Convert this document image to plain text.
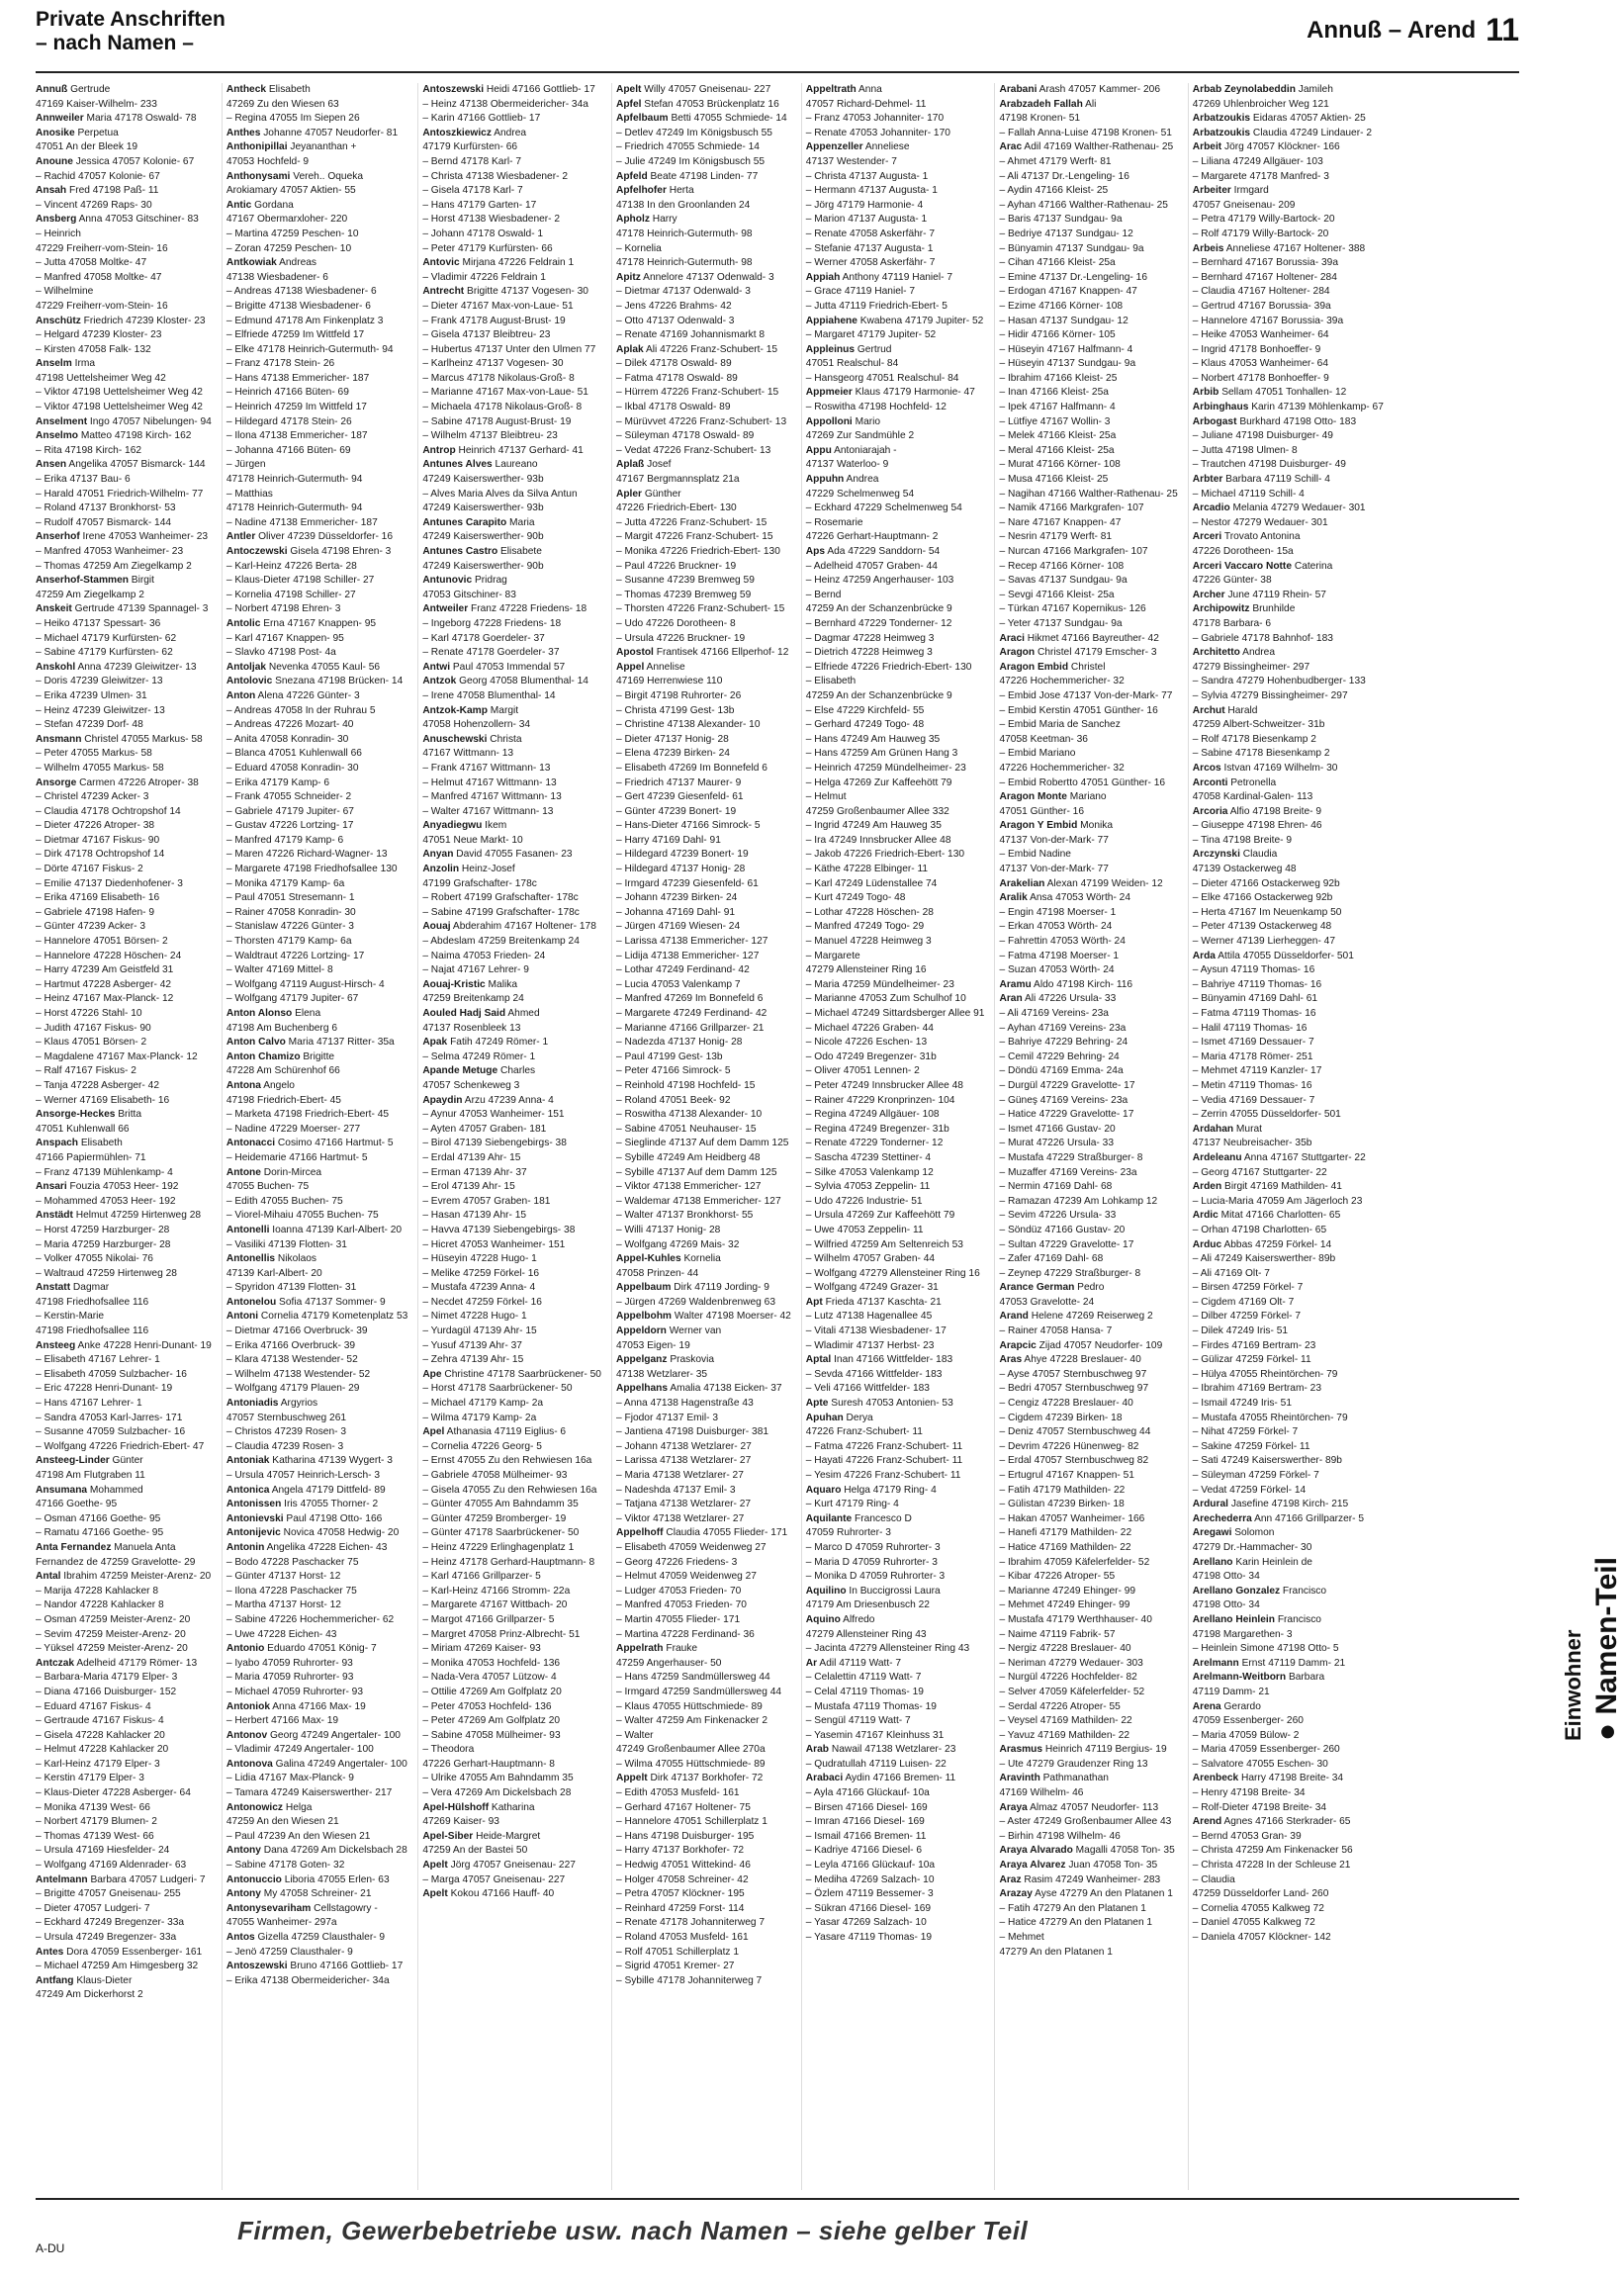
Private Anschriften
– nach Namen –	Annuß – Arend 11
Annuß Gertrude
47169 Kaiser-Wilhelm- 233
Annweiler Maria 47178 Oswald- 78
Anosike Perpetua
47051 An der Bleek 19
Anoune Jessica 47057 Kolonie- 67
– Rachid 47057 Kolonie- 67
Ansah Fred 47198 Paß- 11
– Vincent 47269 Raps- 30
Ansberg Anna 47053 Gitschiner- 83
– Heinrich
47229 Freiherr-vom-Stein- 16
– Jutta 47058 Moltke- 47
– Manfred 47058 Moltke- 47
– Wilhelmine
47229 Freiherr-vom-Stein- 16
Anschütz Friedrich 47239 Kloster- 23
– Helgard 47239 Kloster- 23
– Kirsten 47058 Falk- 132
Anselm Irma
47198 Uettelsheimer Weg 42
– Viktor 47198 Uettelsheimer Weg 42
– Viktor 47198 Uettelsheimer Weg 42
Anselment Ingo 47057 Nibelungen- 94
Anselmo Matteo 47198 Kirch- 162
– Rita 47198 Kirch- 162
Ansen Angelika 47057 Bismarck- 144
– Erika 47137 Bau- 6
– Harald 47051 Friedrich-Wilhelm- 77
– Roland 47137 Bronkhorst- 53
– Rudolf 47057 Bismarck- 144
Anserhof Irene 47053 Wanheimer- 23
– Manfred 47053 Wanheimer- 23
– Thomas 47259 Am Ziegelkamp 2
Anserhof-Stammen Birgit
47259 Am Ziegelkamp 2
Anskeit Gertrude 47139 Spannagel- 3
– Heiko 47137 Spessart- 36
– Michael 47179 Kurfürsten- 62
– Sabine 47179 Kurfürsten- 62
Anskohl Anna 47239 Gleiwitzer- 13
– Doris 47239 Gleiwitzer- 13
– Erika 47239 Ulmen- 31
– Heinz 47239 Gleiwitzer- 13
– Stefan 47239 Dorf- 48
Ansmann Christel 47055 Markus- 58
– Peter 47055 Markus- 58
– Wilhelm 47055 Markus- 58
Ansorge Carmen 47226 Atroper- 38
– Christel 47239 Acker- 3
– Claudia 47178 Ochtropshof 14
– Dieter 47226 Atroper- 38
– Dietmar 47167 Fiskus- 90
– Dirk 47178 Ochtropshof 14
– Dörte 47167 Fiskus- 2
– Emilie 47137 Diedenhofener- 3
– Erika 47169 Elisabeth- 16
– Gabriele 47198 Hafen- 9
– Günter 47239 Acker- 3
– Hannelore 47051 Börsen- 2
– Hannelore 47228 Höschen- 24
– Harry 47239 Am Geistfeld 31
– Hartmut 47228 Asberger- 42
– Heinz 47167 Max-Planck- 12
– Horst 47226 Stahl- 10
– Judith 47167 Fiskus- 90
– Klaus 47051 Börsen- 2
– Magdalene 47167 Max-Planck- 12
– Ralf 47167 Fiskus- 2
– Tanja 47228 Asberger- 42
– Werner 47169 Elisabeth- 16
Ansorge-Heckes Britta
47051 Kuhlenwall 66
Anspach Elisabeth
47166 Papiermühlen- 71
– Franz 47139 Mühlenkamp- 4
Ansari Fouzia 47053 Heer- 192
– Mohammed 47053 Heer- 192
Anstädt Helmut 47259 Hirtenweg 28
– Horst 47259 Harzburger- 28
– Maria 47259 Harzburger- 28
– Volker 47055 Nikolai- 76
– Waltraud 47259 Hirtenweg 28
Anstatt Dagmar
47198 Friedhofsallee 116
– Kerstin-Marie
47198 Friedhofsallee 116
Ansteeg Anke 47228 Henri-Dunant- 19
– Elisabeth 47167 Lehrer- 1
– Elisabeth 47059 Sulzbacher- 16
– Eric 47228 Henri-Dunant- 19
– Hans 47167 Lehrer- 1
– Sandra 47053 Karl-Jarres- 171
– Susanne 47059 Sulzbacher- 16
– Wolfgang 47226 Friedrich-Ebert- 47
Ansteeg-Linder Günter
47198 Am Flutgraben 11
Ansumana Mohammed
47166 Goethe- 95
– Osman 47166 Goethe- 95
– Ramatu 47166 Goethe- 95
Anta Fernandez Manuela Anta
Fernandez de 47259 Gravelotte- 29
Antal Ibrahim 47259 Meister-Arenz- 20
– Marija 47228 Kahlacker 8
– Nandor 47228 Kahlacker 8
– Osman 47259 Meister-Arenz- 20
– Sevim 47259 Meister-Arenz- 20
– Yüksel 47259 Meister-Arenz- 20
Antczak Adelheid 47179 Römer- 13
– Barbara-Maria 47179 Elper- 3
– Diana 47166 Duisburger- 152
– Eduard 47167 Fiskus- 4
– Gertraude 47167 Fiskus- 4
– Gisela 47228 Kahlacker 20
– Helmut 47228 Kahlacker 20
– Karl-Heinz 47179 Elper- 3
– Kerstin 47179 Elper- 3
– Klaus-Dieter 47228 Asberger- 64
– Monika 47139 West- 66
– Norbert 47179 Blumen- 2
– Thomas 47139 West- 66
– Ursula 47169 Hiesfelder- 24
– Wolfgang 47169 Aldenrader- 63
Antelmann Barbara 47057 Ludgeri- 7
– Brigitte 47057 Gneisenau- 255
– Dieter 47057 Ludgeri- 7
– Eckhard 47249 Bregenzer- 33a
– Ursula 47249 Bregenzer- 33a
Antes Dora 47059 Essenberger- 161
– Michael 47259 Am Himgesberg 32
Antfang Klaus-Dieter
47249 Am Dickerhorst 2
Antheck Elisabeth
47269 Zu den Wiesen 63
– Regina 47055 Im Siepen 26
Anthes Johanne 47057 Neudorfer- 81
Anthonipillai Jeyananthan +
47053 Hochfeld- 9
Anthonysami Vereh.. Oqueka
Arokiamary 47057 Aktien- 55
Antic Gordana
47167 Obermarxloher- 220
– Martina 47259 Peschen- 10
– Zoran 47259 Peschen- 10
Antkowiak Andreas
47138 Wiesbadener- 6
– Andreas 47138 Wiesbadener- 6
– Brigitte 47138 Wiesbadener- 6
– Edmund 47178 Am Finkenplatz 3
– Elfriede 47259 Im Wittfeld 17
– Elke 47178 Heinrich-Gutermuth- 94
– Franz 47178 Stein- 26
– Hans 47138 Emmericher- 187
– Heinrich 47166 Büten- 69
– Heinrich 47259 Im Wittfeld 17
– Hildegard 47178 Stein- 26
– Ilona 47138 Emmericher- 187
– Johanna 47166 Büten- 69
– Jürgen
47178 Heinrich-Gutermuth- 94
– Matthias
47178 Heinrich-Gutermuth- 94
– Nadine 47138 Emmericher- 187
Antler Oliver 47239 Düsseldorfer- 16
Antoczewski Gisela 47198 Ehren- 3
– Karl-Heinz 47226 Berta- 28
– Klaus-Dieter 47198 Schiller- 27
– Kornelia 47198 Schiller- 27
– Norbert 47198 Ehren- 3
Antolic Erna 47167 Knappen- 95
– Karl 47167 Knappen- 95
– Slavko 47198 Post- 4a
Antoljak Nevenka 47055 Kaul- 56
Antolovic Snezana 47198 Brücken- 14
Anton Alena 47226 Günter- 3
– Andreas 47058 In der Ruhrau 5
– Andreas 47226 Mozart- 40
– Anita 47058 Konradin- 30
– Blanca 47051 Kuhlenwall 66
– Eduard 47058 Konradin- 30
– Erika 47179 Kamp- 6
– Frank 47055 Schneider- 2
– Gabriele 47179 Jupiter- 67
– Gustav 47226 Lortzing- 17
– Manfred 47179 Kamp- 6
– Maren 47226 Richard-Wagner- 13
– Margarete 47198 Friedhofsallee 130
– Monika 47179 Kamp- 6a
– Paul 47051 Stresemann- 1
– Rainer 47058 Konradin- 30
– Stanislaw 47226 Günter- 3
– Thorsten 47179 Kamp- 6a
– Waldtraut 47226 Lortzing- 17
– Walter 47169 Mittel- 8
– Wolfgang 47119 August-Hirsch- 4
– Wolfgang 47179 Jupiter- 67
Anton Alonso Elena
47198 Am Buchenberg 6
Anton Calvo Maria 47137 Ritter- 35a
Anton Chamizo Brigitte
47228 Am Schürenhof 66
Antona Angelo
47198 Friedrich-Ebert- 45
– Marketa 47198 Friedrich-Ebert- 45
– Nadine 47229 Moerser- 277
Antonacci Cosimo 47166 Hartmut- 5
– Heidemarie 47166 Hartmut- 5
Antone Dorin-Mircea
47055 Buchen- 75
– Edith 47055 Buchen- 75
– Viorel-Mihaiu 47055 Buchen- 75
Antonelli Ioanna 47139 Karl-Albert- 20
– Vasiliki 47139 Flotten- 31
Antonellis Nikolaos
47139 Karl-Albert- 20
– Spyridon 47139 Flotten- 31
Antonelou Sofia 47137 Sommer- 9
Antoni Cornelia 47179 Kometenplatz 53
– Dietmar 47166 Overbruck- 39
– Erika 47166 Overbruck- 39
– Klara 47138 Westender- 52
– Wilhelm 47138 Westender- 52
– Wolfgang 47179 Plauen- 29
Antoniadis Argyrios
47057 Sternbuschweg 261
– Christos 47239 Rosen- 3
– Claudia 47239 Rosen- 3
Antoniak Katharina 47139 Wygert- 3
– Ursula 47057 Heinrich-Lersch- 3
Antonica Angela 47179 Dittfeld- 89
Antonissen Iris 47055 Thorner- 2
Antonievski Paul 47198 Otto- 166
Antonijevic Novica 47058 Hedwig- 20
Antonin Angelika 47228 Eichen- 43
– Bodo 47228 Paschacker 75
– Günter 47137 Horst- 12
– Ilona 47228 Paschacker 75
– Martha 47137 Horst- 12
– Sabine 47226 Hochemmericher- 62
– Uwe 47228 Eichen- 43
Antonio Eduardo 47051 König- 7
– Iyabo 47059 Ruhrorter- 93
– Maria 47059 Ruhrorter- 93
– Michael 47059 Ruhrorter- 93
Antoniok Anna 47166 Max- 19
– Herbert 47166 Max- 19
Antonov Georg 47249 Angertaler- 100
– Vladimir 47249 Angertaler- 100
Antonova Galina 47249 Angertaler- 100
– Lidia 47167 Max-Planck- 9
– Tamara 47249 Kaiserswerther- 217
Antonowicz Helga
47259 An den Wiesen 21
– Paul 47239 An den Wiesen 21
Antony Dana 47269 Am Dickelsbach 28
– Sabine 47178 Goten- 32
Antonuccio Liboria 47055 Erlen- 63
Antony My 47058 Schreiner- 21
Antonysevariham Cellstagowry -
47055 Wanheimer- 297a
Antos Gizella 47259 Clausthaler- 9
– Jenö 47259 Clausthaler- 9
Antoszewski Bruno 47166 Gottlieb- 17
– Erika 47138 Obermeidericher- 34a
Antoszewski Heidi 47166 Gottlieb- 17
– Heinz 47138 Obermeidericher- 34a
– Karin 47166 Gottlieb- 17
Antoszkiewicz Andrea
47179 Kurfürsten- 66
– Bernd 47178 Karl- 7
– Christa 47138 Wiesbadener- 2
– Gisela 47178 Karl- 7
– Hans 47179 Garten- 17
– Horst 47138 Wiesbadener- 2
– Johann 47178 Oswald- 1
– Peter 47179 Kurfürsten- 66
Antovic Mirjana 47226 Feldrain 1
– Vladimir 47226 Feldrain 1
Antrecht Brigitte 47137 Vogesen- 30
– Dieter 47167 Max-von-Laue- 51
– Frank 47178 August-Brust- 19
– Gisela 47137 Bleibtreu- 23
– Hubertus 47137 Unter den Ulmen 77
– Karlheinz 47137 Vogesen- 30
– Marcus 47178 Nikolaus-Groß- 8
– Marianne 47167 Max-von-Laue- 51
– Michaela 47178 Nikolaus-Groß- 8
– Sabine 47178 August-Brust- 19
– Wilhelm 47137 Bleibtreu- 23
Antrop Heinrich 47137 Gerhard- 41
Antunes Alves Laureano
47249 Kaiserswerther- 93b
– Alves Maria Alves da Silva Antun
47249 Kaiserswerther- 93b
Antunes Carapito Maria
47249 Kaiserswerther- 90b
Antunes Castro Elisabete
47249 Kaiserswerther- 90b
Antunovic Pridrag
47053 Gitschiner- 83
Antweiler Franz 47228 Friedens- 18
– Ingeborg 47228 Friedens- 18
– Karl 47178 Goerdeler- 37
– Renate 47178 Goerdeler- 37
Antwi Paul 47053 Immendal 57
Antzok Georg 47058 Blumenthal- 14
– Irene 47058 Blumenthal- 14
Antzok-Kamp Margit
47058 Hohenzollern- 34
Anuschewski Christa
47167 Wittmann- 13
– Frank 47167 Wittmann- 13
– Helmut 47167 Wittmann- 13
– Manfred 47167 Wittmann- 13
– Walter 47167 Wittmann- 13
Anyadiegwu Ikem
47051 Neue Markt- 10
Anyan David 47055 Fasanen- 23
Anzolin Heinz-Josef
47199 Grafschafter- 178c
– Robert 47199 Grafschafter- 178c
– Sabine 47199 Grafschafter- 178c
Aouaj Abderahim 47167 Holtener- 178
– Abdeslam 47259 Breitenkamp 24
– Naima 47053 Frieden- 24
– Najat 47167 Lehrer- 9
Aouaj-Kristic Malika
47259 Breitenkamp 24
Aouled Hadj Said Ahmed
47137 Rosenbleek 13
Apak Fatih 47249 Römer- 1
– Selma 47249 Römer- 1
Apande Metuge Charles
47057 Schenkeweg 3
Apaydin Arzu 47239 Anna- 4
– Aynur 47053 Wanheimer- 151
– Ayten 47057 Graben- 181
– Birol 47139 Siebengebirgs- 38
– Erdal 47139 Ahr- 15
– Erman 47139 Ahr- 37
– Erol 47139 Ahr- 15
– Evrem 47057 Graben- 181
– Hasan 47139 Ahr- 15
– Havva 47139 Siebengebirgs- 38
– Hicret 47053 Wanheimer- 151
– Hüseyin 47228 Hugo- 1
– Melike 47259 Förkel- 16
– Mustafa 47239 Anna- 4
– Necdet 47259 Förkel- 16
– Nimet 47228 Hugo- 1
– Yurdagül 47139 Ahr- 15
– Yusuf 47139 Ahr- 37
– Zehra 47139 Ahr- 15
Ape Christine 47178 Saarbrückener- 50
– Horst 47178 Saarbrückener- 50
– Michael 47179 Kamp- 2a
– Wilma 47179 Kamp- 2a
Apel Athanasia 47119 Eiglius- 6
– Cornelia 47226 Georg- 5
– Ernst 47055 Zu den Rehwiesen 16a
– Gabriele 47058 Mülheimer- 93
– Gisela 47055 Zu den Rehwiesen 16a
– Günter 47055 Am Bahndamm 35
– Günter 47259 Bromberger- 19
– Günter 47178 Saarbrückener- 50
– Heinz 47229 Erlinghagenplatz 1
– Heinz 47178 Gerhard-Hauptmann- 8
– Karl 47166 Grillparzer- 5
– Karl-Heinz 47166 Stromm- 22a
– Margarete 47167 Wittbach- 20
– Margot 47166 Grillparzer- 5
– Margret 47058 Prinz-Albrecht- 51
– Miriam 47269 Kaiser- 93
– Monika 47053 Hochfeld- 136
– Nada-Vera 47057 Lützow- 4
– Ottilie 47269 Am Golfplatz 20
– Peter 47053 Hochfeld- 136
– Peter 47269 Am Golfplatz 20
– Sabine 47058 Mülheimer- 93
– Theodora
47226 Gerhart-Hauptmann- 8
– Ulrike 47055 Am Bahndamm 35
– Vera 47269 Am Dickelsbach 28
Apel-Hülshoff Katharina
47269 Kaiser- 93
Apel-Siber Heide-Margret
47259 An der Bastei 50
Apelt Jörg 47057 Gneisenau- 227
– Marga 47057 Gneisenau- 227
Apelt Kokou 47166 Hauff- 40
Apelt Willy 47057 Gneisenau- 227
Apfel Stefan 47053 Brückenplatz 16
Apfelbaum Betti 47055 Schmiede- 14
– Detlev 47249 Im Königsbusch 55
– Friedrich 47055 Schmiede- 14
– Julie 47249 Im Königsbusch 55
Apfeld Beate 47198 Linden- 77
Apfelhofer Herta
47138 In den Groonlanden 24
Apholz Harry
47178 Heinrich-Gutermuth- 98
– Kornelia
47178 Heinrich-Gutermuth- 98
Apitz Annelore 47137 Odenwald- 3
– Dietmar 47137 Odenwald- 3
– Jens 47226 Brahms- 42
– Otto 47137 Odenwald- 3
– Renate 47169 Johannismarkt 8
Aplak Ali 47226 Franz-Schubert- 15
– Dilek 47178 Oswald- 89
– Fatma 47178 Oswald- 89
– Hürrem 47226 Franz-Schubert- 15
– Ikbal 47178 Oswald- 89
– Mürüvvet 47226 Franz-Schubert- 13
– Süleyman 47178 Oswald- 89
– Vedat 47226 Franz-Schubert- 13
Aplaß Josef
47167 Bergmannsplatz 21a
Apler Günther
47226 Friedrich-Ebert- 130
– Jutta 47226 Franz-Schubert- 15
– Margit 47226 Franz-Schubert- 15
– Monika 47226 Friedrich-Ebert- 130
– Paul 47226 Bruckner- 19
– Susanne 47239 Bremweg 59
– Thomas 47239 Bremweg 59
– Thorsten 47226 Franz-Schubert- 15
– Udo 47226 Dorotheen- 8
– Ursula 47226 Bruckner- 19
Apostol Frantisek 47166 Ellperhof- 12
Appel Annelise
47169 Herrenwiese 110
– Birgit 47198 Ruhrorter- 26
– Christa 47199 Gest- 13b
– Christine 47138 Alexander- 10
– Dieter 47137 Honig- 28
– Elena 47239 Birken- 24
– Elisabeth 47269 Im Bonnefeld 6
– Friedrich 47137 Maurer- 9
– Gert 47239 Giesenfeld- 61
– Günter 47239 Bonert- 19
– Hans-Dieter 47166 Simrock- 5
– Harry 47169 Dahl- 91
– Hildegard 47239 Bonert- 19
– Hildegard 47137 Honig- 28
– Irmgard 47239 Giesenfeld- 61
– Johann 47239 Birken- 24
– Johanna 47169 Dahl- 91
– Jürgen 47169 Wiesen- 24
– Larissa 47138 Emmericher- 127
– Lidija 47138 Emmericher- 127
– Lothar 47249 Ferdinand- 42
– Lucia 47053 Valenkamp 7
– Manfred 47269 Im Bonnefeld 6
– Margarete 47249 Ferdinand- 42
– Marianne 47166 Grillparzer- 21
– Nadezda 47137 Honig- 28
– Paul 47199 Gest- 13b
– Peter 47166 Simrock- 5
– Reinhold 47198 Hochfeld- 15
– Roland 47051 Beek- 92
– Roswitha 47138 Alexander- 10
– Sabine 47051 Neuhauser- 15
– Sieglinde 47137 Auf dem Damm 125
– Sybille 47249 Am Heidberg 48
– Sybille 47137 Auf dem Damm 125
– Viktor 47138 Emmericher- 127
– Waldemar 47138 Emmericher- 127
– Walter 47137 Bronkhorst- 55
– Willi 47137 Honig- 28
– Wolfgang 47269 Mais- 32
Appel-Kuhles Kornelia
47058 Prinzen- 44
Appelbaum Dirk 47119 Jording- 9
– Jürgen 47269 Waldenbrenweg 63
Appelbohm Walter 47198 Moerser- 42
Appeldorn Werner van
47053 Eigen- 19
Appelganz Praskovia
47138 Wetzlarer- 35
Appelhans Amalia 47138 Eicken- 37
– Anna 47138 Hagenstraße 43
– Fjodor 47137 Emil- 3
– Jantiena 47198 Duisburger- 381
– Johann 47138 Wetzlarer- 27
– Larissa 47138 Wetzlarer- 27
– Maria 47138 Wetzlarer- 27
– Nadeshda 47137 Emil- 3
– Tatjana 47138 Wetzlarer- 27
– Viktor 47138 Wetzlarer- 27
Appelhoff Claudia 47055 Flieder- 171
– Elisabeth 47059 Weidenweg 27
– Georg 47226 Friedens- 3
– Helmut 47059 Weidenweg 27
– Ludger 47053 Frieden- 70
– Manfred 47053 Frieden- 70
– Martin 47055 Flieder- 171
– Martina 47228 Ferdinand- 36
Appelrath Frauke
47259 Angerhauser- 50
– Hans 47259 Sandmüllersweg 44
– Irmgard 47259 Sandmüllersweg 44
– Klaus 47055 Hüttschmiede- 89
– Walter 47259 Am Finkenacker 2
– Walter
47249 Großenbaumer Allee 270a
– Wilma 47055 Hüttschmiede- 89
Appelt Dirk 47137 Borkhofer- 72
– Edith 47053 Musfeld- 161
– Gerhard 47167 Holtener- 75
– Hannelore 47051 Schillerplatz 1
– Hans 47198 Duisburger- 195
– Harry 47137 Borkhofer- 72
– Hedwig 47051 Wittekind- 46
– Holger 47058 Schreiner- 42
– Petra 47057 Klöckner- 195
– Reinhard 47259 Forst- 114
– Renate 47178 Johanniterweg 7
– Roland 47053 Musfeld- 161
– Rolf 47051 Schillerplatz 1
– Sigrid 47051 Kremer- 27
– Sybille 47178 Johanniterweg 7
Appeltrath Anna
47057 Richard-Dehmel- 11
– Franz 47053 Johanniter- 170
– Renate 47053 Johanniter- 170
Appenzeller Anneliese
47137 Westender- 7
– Christa 47137 Augusta- 1
– Hermann 47137 Augusta- 1
– Jörg 47179 Harmonie- 4
– Marion 47137 Augusta- 1
– Renate 47058 Askerfähr- 7
– Stefanie 47137 Augusta- 1
– Werner 47058 Askerfähr- 7
Appiah Anthony 47119 Haniel- 7
– Grace 47119 Haniel- 7
– Jutta 47119 Friedrich-Ebert- 5
Appiahene Kwabena 47179 Jupiter- 52
– Margaret 47179 Jupiter- 52
Appleinus Gertrud
47051 Realschul- 84
– Hansgeorg 47051 Realschul- 84
Appmeier Klaus 47179 Harmonie- 47
– Roswitha 47198 Hochfeld- 12
Appolloni Mario
47269 Zur Sandmühle 2
Appu Antoniarajah -
47137 Waterloo- 9
Appuhn Andrea
47229 Schelmenweg 54
– Eckhard 47229 Schelmenweg 54
– Rosemarie
47226 Gerhart-Hauptmann- 2
Aps Ada 47229 Sanddorn- 54
– Adelheid 47057 Graben- 44
– Heinz 47259 Angerhauser- 103
– Bernd
47259 An der Schanzenbrücke 9
– Bernhard 47229 Tonderner- 12
– Dagmar 47228 Heimweg 3
– Dietrich 47228 Heimweg 3
– Elfriede 47226 Friedrich-Ebert- 130
– Elisabeth
47259 An der Schanzenbrücke 9
– Else 47229 Kirchfeld- 55
– Gerhard 47249 Togo- 48
– Hans 47249 Am Hauweg 35
– Hans 47259 Am Grünen Hang 3
– Heinrich 47259 Mündelheimer- 23
– Helga 47269 Zur Kaffeehött 79
– Helmut
47259 Großenbaumer Allee 332
– Ingrid 47249 Am Hauweg 35
– Ira 47249 Innsbrucker Allee 48
– Jakob 47226 Friedrich-Ebert- 130
– Käthe 47228 Elbinger- 11
– Karl 47249 Lüdenstallee 74
– Kurt 47249 Togo- 48
– Lothar 47228 Höschen- 28
– Manfred 47249 Togo- 29
– Manuel 47228 Heimweg 3
– Margarete
47279 Allensteiner Ring 16
– Maria 47259 Mündelheimer- 23
– Marianne 47053 Zum Schulhof 10
– Michael 47249 Sittardsberger Allee 91
– Michael 47226 Graben- 44
– Nicole 47226 Eschen- 13
– Odo 47249 Bregenzer- 31b
– Oliver 47051 Lennen- 2
– Peter 47249 Innsbrucker Allee 48
– Rainer 47229 Kronprinzen- 104
– Regina 47249 Allgäuer- 108
– Regina 47249 Bregenzer- 31b
– Renate 47229 Tonderner- 12
– Sascha 47239 Stettiner- 4
– Silke 47053 Valenkamp 12
– Sylvia 47053 Zeppelin- 11
– Udo 47226 Industrie- 51
– Ursula 47269 Zur Kaffeehött 79
– Uwe 47053 Zeppelin- 11
– Wilfried 47259 Am Seltenreich 53
– Wilhelm 47057 Graben- 44
– Wolfgang 47279 Allensteiner Ring 16
– Wolfgang 47249 Grazer- 31
Apt Frieda 47137 Kaschta- 21
– Lutz 47138 Hagenallee 45
– Vitali 47138 Wiesbadener- 17
– Wladimir 47137 Herbst- 23
Aptal Inan 47166 Wittfelder- 183
– Sevda 47166 Wittfelder- 183
– Veli 47166 Wittfelder- 183
Apte Suresh 47053 Antonien- 53
Apuhan Derya
47226 Franz-Schubert- 11
– Fatma 47226 Franz-Schubert- 11
– Hayati 47226 Franz-Schubert- 11
– Yesim 47226 Franz-Schubert- 11
Aquaro Helga 47179 Ring- 4
– Kurt 47179 Ring- 4
Aquilante Francesco D
47059 Ruhrorter- 3
– Marco D 47059 Ruhrorter- 3
– Maria D 47059 Ruhrorter- 3
– Monika D 47059 Ruhrorter- 3
Aquilino In Buccigrossi Laura
47179 Am Driesenbusch 22
Aquino Alfredo
47279 Allensteiner Ring 43
– Jacinta 47279 Allensteiner Ring 43
Ar Adil 47119 Watt- 7
– Celalettin 47119 Watt- 7
– Celal 47119 Thomas- 19
– Mustafa 47119 Thomas- 19
– Sengül 47119 Watt- 7
– Yasemin 47167 Kleinhuss 31
Arab Nawail 47138 Wetzlarer- 23
– Qudratullah 47119 Luisen- 22
Arabaci Aydin 47166 Bremen- 11
– Ayla 47166 Glückauf- 10a
– Birsen 47166 Diesel- 169
– Imran 47166 Diesel- 169
– Ismail 47166 Bremen- 11
– Kadriye 47166 Diesel- 6
– Leyla 47166 Glückauf- 10a
– Mediha 47269 Salzach- 10
– Özlem 47119 Bessemer- 3
– Sükran 47166 Diesel- 169
– Yasar 47269 Salzach- 10
– Yasare 47119 Thomas- 19
Arabani Arash 47057 Kammer- 206
Arabzadeh Fallah Ali
47198 Kronen- 51
– Fallah Anna-Luise 47198 Kronen- 51
Arac Adil 47169 Walther-Rathenau- 25
– Ahmet 47179 Werft- 81
– Ali 47137 Dr.-Lengeling- 16
– Aydin 47166 Kleist- 25
– Ayhan 47166 Walther-Rathenau- 25
– Baris 47137 Sundgau- 9a
– Bedriye 47137 Sundgau- 12
– Bünyamin 47137 Sundgau- 9a
– Cihan 47166 Kleist- 25a
– Emine 47137 Dr.-Lengeling- 16
– Erdogan 47167 Knappen- 47
– Ezime 47166 Körner- 108
– Hasan 47137 Sundgau- 12
– Hidir 47166 Körner- 105
– Hüseyin 47167 Halfmann- 4
– Hüseyin 47137 Sundgau- 9a
– Ibrahim 47166 Kleist- 25
– Inan 47166 Kleist- 25a
– Ipek 47167 Halfmann- 4
– Lütfiye 47167 Wollin- 3
– Melek 47166 Kleist- 25a
– Meral 47166 Kleist- 25a
– Murat 47166 Körner- 108
– Musa 47166 Kleist- 25
– Nagihan 47166 Walther-Rathenau- 25
– Namik 47166 Markgrafen- 107
– Nare 47167 Knappen- 47
– Nesrin 47179 Werft- 81
– Nurcan 47166 Markgrafen- 107
– Recep 47166 Körner- 108
– Savas 47137 Sundgau- 9a
– Sevgi 47166 Kleist- 25a
– Türkan 47167 Kopernikus- 126
– Yeter 47137 Sundgau- 9a
Araci Hikmet 47166 Bayreuther- 42
Aragon Christel 47179 Emscher- 3
Aragon Embid Christel
47226 Hochemmericher- 32
– Embid Jose 47137 Von-der-Mark- 77
– Embid Kerstin 47051 Günther- 16
– Embid Maria de Sanchez
47058 Keetman- 36
– Embid Mariano
47226 Hochemmericher- 32
– Embid Robertto 47051 Günther- 16
Aragon Monte Mariano
47051 Günther- 16
Aragon Y Embid Monika
47137 Von-der-Mark- 77
– Embid Nadine
47137 Von-der-Mark- 77
Arakelian Alexan 47199 Weiden- 12
Aralik Ansa 47053 Wörth- 24
– Engin 47198 Moerser- 1
– Erkan 47053 Wörth- 24
– Fahrettin 47053 Wörth- 24
– Fatma 47198 Moerser- 1
– Suzan 47053 Wörth- 24
Aramu Aldo 47198 Kirch- 116
Aran Ali 47226 Ursula- 33
– Ali 47169 Vereins- 23a
– Ayhan 47169 Vereins- 23a
– Bahriye 47229 Behring- 24
– Cemil 47229 Behring- 24
– Döndü 47169 Emma- 24a
– Durgül 47229 Gravelotte- 17
– Güneş 47169 Vereins- 23a
– Hatice 47229 Gravelotte- 17
– Ismet 47166 Gustav- 20
– Murat 47226 Ursula- 33
– Mustafa 47229 Straßburger- 8
– Muzaffer 47169 Vereins- 23a
– Nermin 47169 Dahl- 68
– Ramazan 47239 Am Lohkamp 12
– Sevim 47226 Ursula- 33
– Söndüz 47166 Gustav- 20
– Sultan 47229 Gravelotte- 17
– Zafer 47169 Dahl- 68
– Zeynep 47229 Straßburger- 8
Arance German Pedro
47053 Gravelotte- 24
Arand Helene 47269 Reiserweg 2
– Rainer 47058 Hansa- 7
Arapcic Zijad 47057 Neudorfer- 109
Aras Ahye 47228 Breslauer- 40
– Ayse 47057 Sternbuschweg 97
– Bedri 47057 Sternbuschweg 97
– Cengiz 47228 Breslauer- 40
– Cigdem 47239 Birken- 18
– Deniz 47057 Sternbuschweg 44
– Devrim 47226 Hünenweg- 82
– Erdal 47057 Sternbuschweg 82
– Ertugrul 47167 Knappen- 51
– Fatih 47179 Mathilden- 22
– Gülistan 47239 Birken- 18
– Hakan 47057 Wanheimer- 166
– Hanefi 47179 Mathilden- 22
– Hatice 47169 Mathilden- 22
– Ibrahim 47059 Käfelerfelder- 52
– Kibar 47226 Atroper- 55
– Marianne 47249 Ehinger- 99
– Mehmet 47249 Ehinger- 99
– Mustafa 47179 Werthhauser- 40
– Naime 47119 Fabrik- 57
– Nergiz 47228 Breslauer- 40
– Neriman 47279 Wedauer- 303
– Nurgül 47226 Hochfelder- 82
– Selver 47059 Käfelerfelder- 52
– Serdal 47226 Atroper- 55
– Veysel 47169 Mathilden- 22
– Yavuz 47169 Mathilden- 22
Arasmus Heinrich 47119 Bergius- 19
– Ute 47279 Graudenzer Ring 13
Aravinth Pathmanathan
47169 Wilhelm- 46
Araya Almaz 47057 Neudorfer- 113
– Aster 47249 Großenbaumer Allee 43
– Birhin 47198 Wilhelm- 46
Araya Alvarado Magalli 47058 Ton- 35
Araya Alvarez Juan 47058 Ton- 35
Araz Rasim 47249 Wanheimer- 283
Arazay Ayse 47279 An den Platanen 1
– Fatih 47279 An den Platanen 1
– Hatice 47279 An den Platanen 1
– Mehmet
47279 An den Platanen 1
Arbab Zeynolabeddin Jamileh
47269 Uhlenbroicher Weg 121
Arbatzoukis Eidaras 47057 Aktien- 25
Arbatzoukis Claudia 47249 Lindauer- 2
Arbeit Jörg 47057 Klöckner- 166
– Liliana 47249 Allgäuer- 103
– Margarete 47178 Manfred- 3
Arbeiter Irmgard
47057 Gneisenau- 209
– Petra 47179 Willy-Bartock- 20
– Rolf 47179 Willy-Bartock- 20
Arbeis Anneliese 47167 Holtener- 388
– Bernhard 47167 Borussia- 39a
– Bernhard 47167 Holtener- 284
– Claudia 47167 Holtener- 284
– Gertrud 47167 Borussia- 39a
– Hannelore 47167 Borussia- 39a
– Heike 47053 Wanheimer- 64
– Ingrid 47178 Bonhoeffer- 9
– Klaus 47053 Wanheimer- 64
– Norbert 47178 Bonhoeffer- 9
Arbib Sellam 47051 Tonhallen- 12
Arbinghaus Karin 47139 Möhlenkamp- 67
Arbogast Burkhard 47198 Otto- 183
– Juliane 47198 Duisburger- 49
– Jutta 47198 Ulmen- 8
– Trautchen 47198 Duisburger- 49
Arbter Barbara 47119 Schill- 4
– Michael 47119 Schill- 4
Arcadio Melania 47279 Wedauer- 301
– Nestor 47279 Wedauer- 301
Arceri Trovato Antonina
47226 Dorotheen- 15a
Arceri Vaccaro Notte Caterina
47226 Günter- 38
Archer June 47119 Rhein- 57
Archipowitz Brunhilde
47178 Barbara- 6
– Gabriele 47178 Bahnhof- 183
Architetto Andrea
47279 Bissingheimer- 297
– Sandra 47279 Hohenbudberger- 133
– Sylvia 47279 Bissingheimer- 297
Archut Harald
47259 Albert-Schweitzer- 31b
– Rolf 47178 Biesenkamp 2
– Sabine 47178 Biesenkamp 2
Arcos Istvan 47169 Wilhelm- 30
Arconti Petronella
47058 Kardinal-Galen- 113
Arcoria Alfio 47198 Breite- 9
– Giuseppe 47198 Ehren- 46
– Tina 47198 Breite- 9
Arczynski Claudia
47139 Ostackerweg 48
– Dieter 47166 Ostackerweg 92b
– Elke 47166 Ostackerweg 92b
– Herta 47167 Im Neuenkamp 50
– Peter 47139 Ostackerweg 48
– Werner 47139 Lierheggen- 47
Arda Attila 47055 Düsseldorfer- 501
– Aysun 47119 Thomas- 16
– Bahriye 47119 Thomas- 16
– Bünyamin 47169 Dahl- 61
– Fatma 47119 Thomas- 16
– Halil 47119 Thomas- 16
– Ismet 47169 Dessauer- 7
– Maria 47178 Römer- 251
– Mehmet 47119 Kanzler- 17
– Metin 47119 Thomas- 16
– Vedia 47169 Dessauer- 7
– Zerrin 47055 Düsseldorfer- 501
Ardahan Murat
47137 Neubreisacher- 35b
Ardeleanu Anna 47167 Stuttgarter- 22
– Georg 47167 Stuttgarter- 22
Arden Birgit 47169 Mathilden- 41
– Lucia-Maria 47059 Am Jägerloch 23
Ardic Mitat 47166 Charlotten- 65
– Orhan 47198 Charlotten- 65
Arduc Abbas 47259 Förkel- 14
– Ali 47249 Kaiserswerther- 89b
– Ali 47169 Olt- 7
– Birsen 47259 Förkel- 7
– Cigdem 47169 Olt- 7
– Dilber 47259 Förkel- 7
– Dilek 47249 Iris- 51
– Firdes 47169 Bertram- 23
– Gülizar 47259 Förkel- 11
– Hülya 47055 Rheintörchen- 79
– Ibrahim 47169 Bertram- 23
– Ismail 47249 Iris- 51
– Mustafa 47055 Rheintörchen- 79
– Nihat 47259 Förkel- 7
– Sakine 47259 Förkel- 11
– Sati 47249 Kaiserswerther- 89b
– Süleyman 47259 Förkel- 7
– Vedat 47259 Förkel- 14
Ardural Jasefine 47198 Kirch- 215
Arechederra Ann 47166 Grillparzer- 5
Aregawi Solomon
47279 Dr.-Hammacher- 30
Arellano Karin Heinlein de
47198 Otto- 34
Arellano Gonzalez Francisco
47198 Otto- 34
Arellano Heinlein Francisco
47198 Margarethen- 3
– Heinlein Simone 47198 Otto- 5
Arelmann Ernst 47119 Damm- 21
Arelmann-Weitborn Barbara
47119 Damm- 21
Arena Gerardo
47059 Essenberger- 260
– Maria 47059 Bülow- 2
– Maria 47059 Essenberger- 260
– Salvatore 47055 Eschen- 30
Arenbeck Harry 47198 Breite- 34
– Henry 47198 Breite- 34
– Rolf-Dieter 47198 Breite- 34
Arend Agnes 47166 Sterkrader- 65
– Bernd 47053 Gran- 39
– Christa 47259 Am Finkenacker 56
– Christa 47228 In der Schleuse 21
– Claudia
47259 Düsseldorfer Land- 260
– Cornelia 47055 Kalkweg 72
– Daniel 47055 Kalkweg 72
– Daniela 47057 Klöckner- 142
Einwohner ● Namen-Teil
A-DU
Firmen, Gewerbebetriebe usw. nach Namen – siehe gelber Teil
